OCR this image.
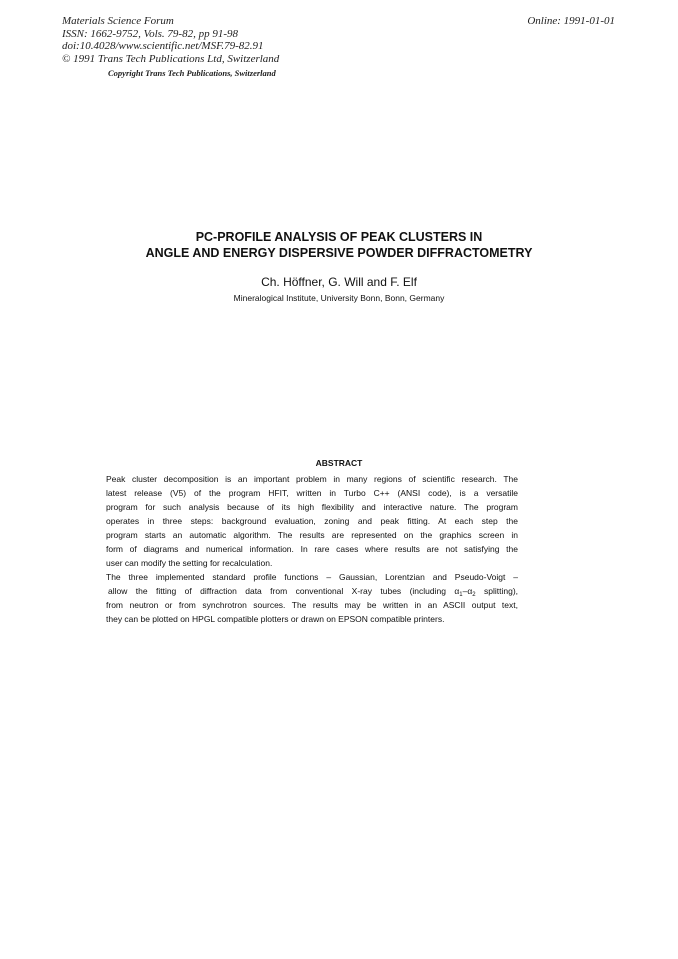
Materials Science Forum
ISSN: 1662-9752, Vols. 79-82, pp 91-98
doi:10.4028/www.scientific.net/MSF.79-82.91
© 1991 Trans Tech Publications Ltd, Switzerland
Online: 1991-01-01
Copyright Trans Tech Publications, Switzerland
PC-PROFILE ANALYSIS OF PEAK CLUSTERS IN
ANGLE AND ENERGY DISPERSIVE POWDER DIFFRACTOMETRY
Ch. Höffner, G. Will and F. Elf
Mineralogical Institute, University Bonn, Bonn, Germany
ABSTRACT
Peak cluster decomposition is an important problem in many regions of scientific research. The
latest release (V5) of the program HFIT, written in Turbo C++ (ANSI code), is a versatile
program for such analysis because of its high flexibility and interactive nature. The program
operates in three steps: background evaluation, zoning and peak fitting. At each step the
program starts an automatic algorithm. The results are represented on the graphics screen in
form of diagrams and numerical information. In rare cases where results are not satisfying the
user can modify the setting for recalculation.
The three implemented standard profile functions – Gaussian, Lorentzian and Pseudo-Voigt –
allow the fitting of diffraction data from conventional X-ray tubes (including $\alpha_1-\alpha_2$ splitting),
from neutron or from synchrotron sources. The results may be written in an ASCII output text,
they can be plotted on HPGL compatible plotters or drawn on EPSON compatible printers.
